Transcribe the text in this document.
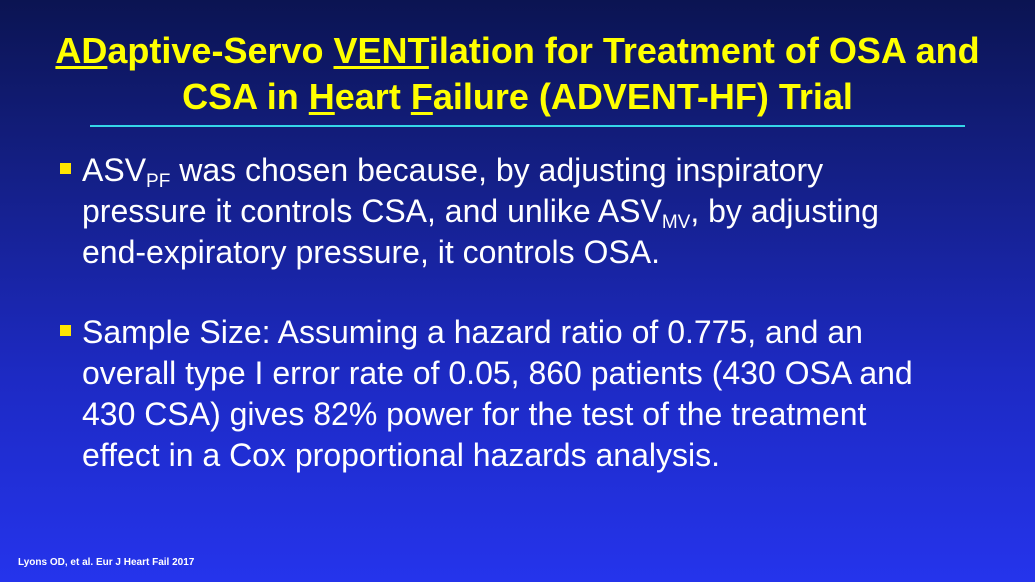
ADaptive-Servo VENTilation for Treatment of OSA and
CSA in Heart Failure (ADVENT-HF) Trial
$ASV_{PF}$ was chosen because, by adjusting inspiratory
pressure it controls CSA, and unlike $ASV_{MV}$, by adjusting
end-expiratory pressure, it controls OSA.
Sample Size: Assuming a hazard ratio of 0.775, and an
overall type I error rate of 0.05, 860 patients (430 OSA and
430 CSA) gives 82% power for the test of the treatment
effect in a Cox proportional hazards analysis.
Lyons OD, et al. Eur J Heart Fail 2017
